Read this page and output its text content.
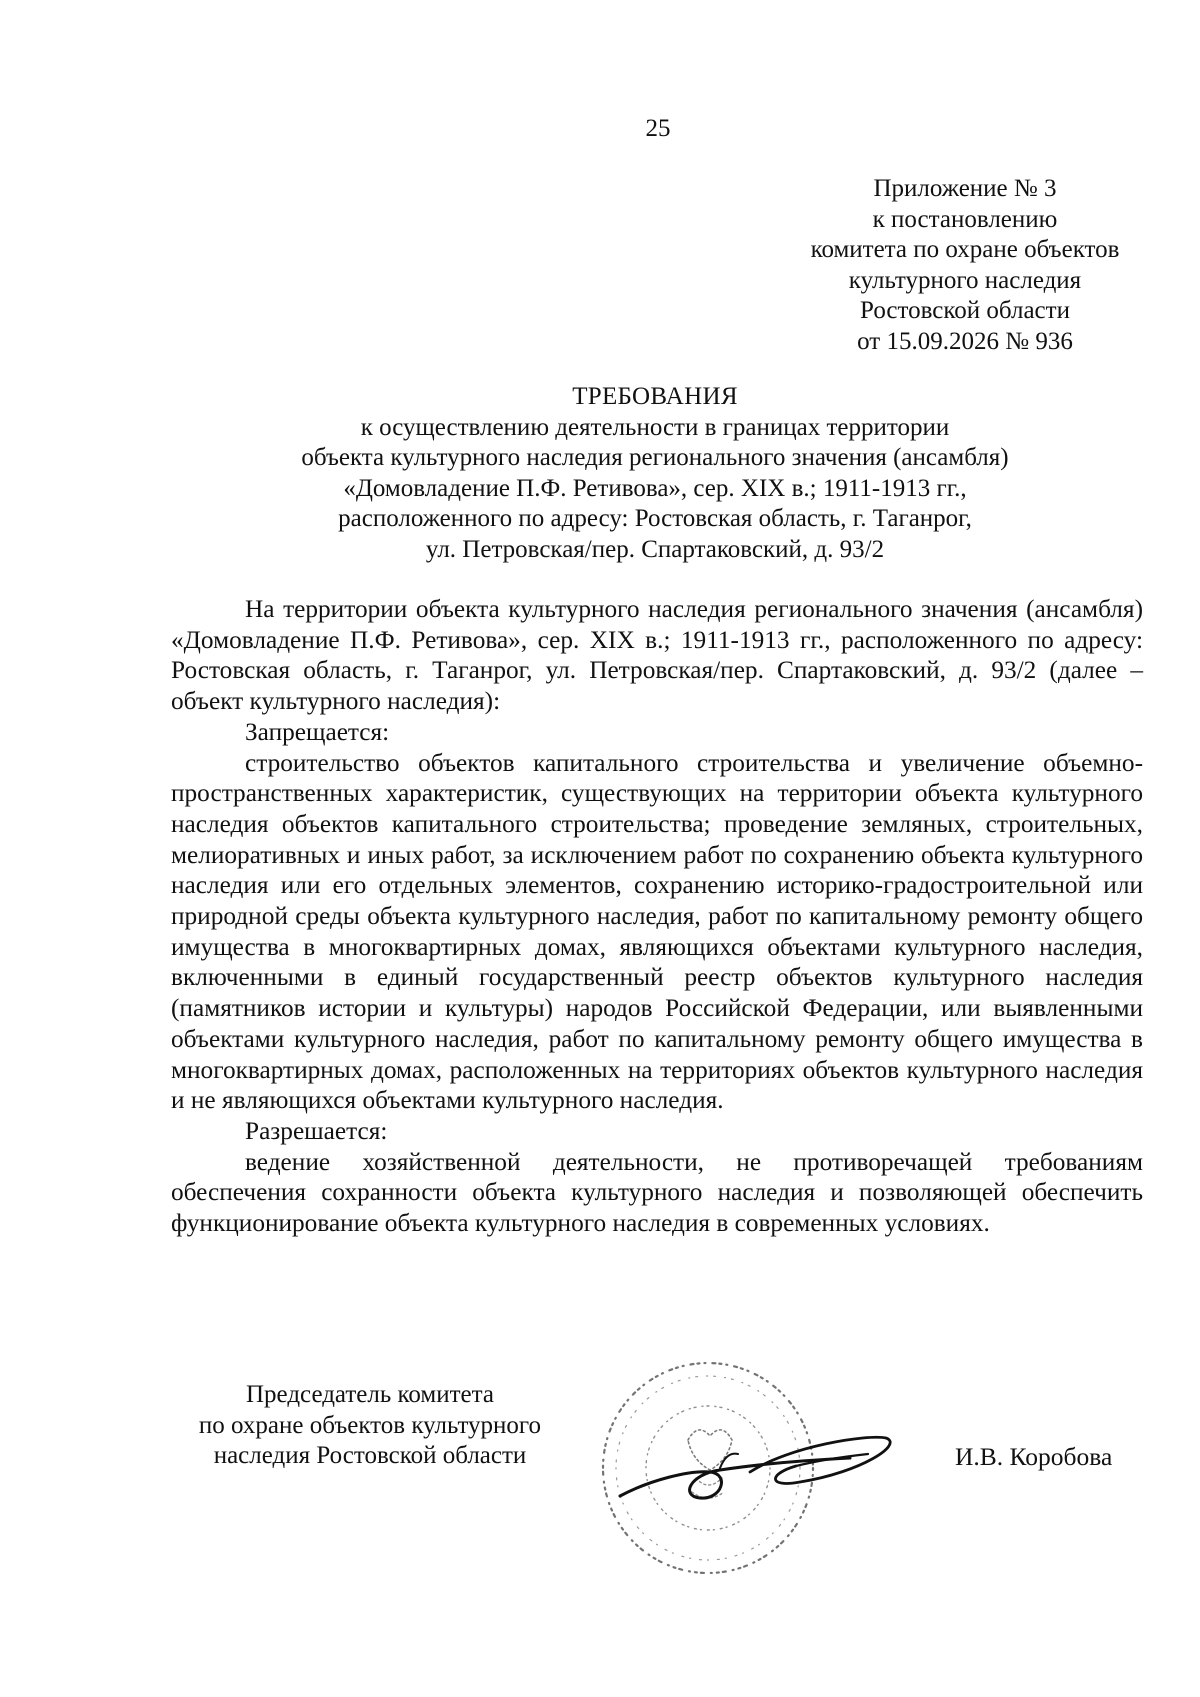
25
Приложение № 3
к постановлению
комитета по охране объектов
культурного наследия
Ростовской области
от 15.09.2026 № 936
ТРЕБОВАНИЯ
к осуществлению деятельности в границах территории
объекта культурного наследия регионального значения (ансамбля)
«Домовладение П.Ф. Ретивова», сер. XIX в.; 1911-1913 гг.,
расположенного по адресу: Ростовская область, г. Таганрог,
ул. Петровская/пер. Спартаковский, д. 93/2

На территории объекта культурного наследия регионального значения (ансамбля) «Домовладение П.Ф. Ретивова», сер. XIX в.; 1911-1913 гг., расположенного по адресу: Ростовская область, г. Таганрог, ул. Петровская/пер. Спартаковский, д. 93/2 (далее – объект культурного наследия):

Запрещается:

строительство объектов капитального строительства и увеличение объемно-пространственных характеристик, существующих на территории объекта культурного наследия объектов капитального строительства; проведение земляных, строительных, мелиоративных и иных работ, за исключением работ по сохранению объекта культурного наследия или его отдельных элементов, сохранению историко-градостроительной или природной среды объекта культурного наследия, работ по капитальному ремонту общего имущества в многоквартирных домах, являющихся объектами культурного наследия, включенными в единый государственный реестр объектов культурного наследия (памятников истории и культуры) народов Российской Федерации, или выявленными объектами культурного наследия, работ по капитальному ремонту общего имущества в многоквартирных домах, расположенных на территориях объектов культурного наследия и не являющихся объектами культурного наследия.

Разрешается:

ведение хозяйственной деятельности, не противоречащей требованиям обеспечения сохранности объекта культурного наследия и позволяющей обеспечить функционирование объекта культурного наследия в современных условиях.

Председатель комитета
по охране объектов культурного
наследия Ростовской области	И.В. Коробова
